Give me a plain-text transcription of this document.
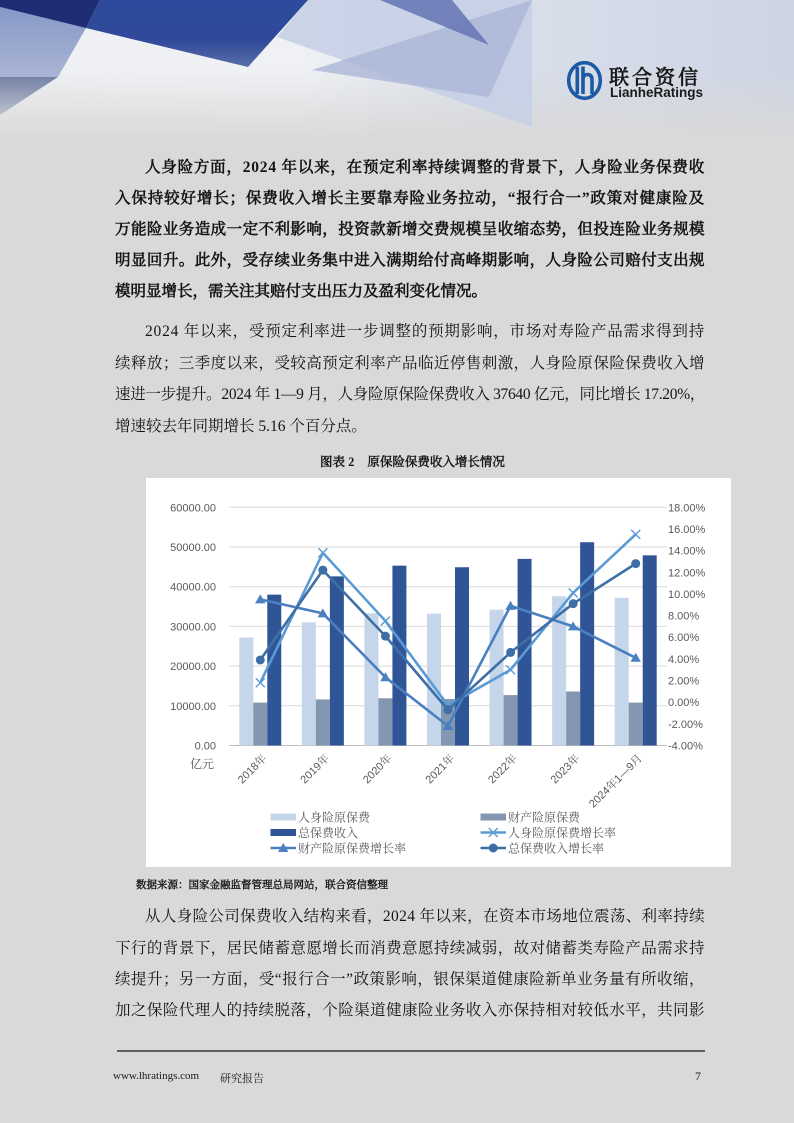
联合资信
LianheRatings
人身险方面，2024 年以来，在预定利率持续调整的背景下，人身险业务保费收
入保持较好增长；保费收入增长主要靠寿险业务拉动，“报行合一”政策对健康险及
万能险业务造成一定不利影响，投资款新增交费规模呈收缩态势，但投连险业务规模
明显回升。此外，受存续业务集中进入满期给付高峰期影响，人身险公司赔付支出规
模明显增长，需关注其赔付支出压力及盈利变化情况。
2024 年以来，受预定利率进一步调整的预期影响，市场对寿险产品需求得到持
续释放；三季度以来，受较高预定利率产品临近停售刺激，人身险原保险保费收入增
速进一步提升。2024 年 1—9 月，人身险原保险保费收入 37640 亿元，同比增长 17.20%，
增速较去年同期增长 5.16 个百分点。
图表 2 原保险保费收入增长情况
0.00
10000.00
20000.00
30000.00
40000.00
50000.00
60000.00
-4.00%
-2.00%
0.00%
2.00%
4.00%
6.00%
8.00%
10.00%
12.00%
14.00%
16.00%
18.00%
亿元 2018年	2019年	2020年	2021年	2022年	2023年 2024年1—9月
人身险原保费	财产险原保费
总保费收入	人身险原保费增长率
财产险原保费增长率	总保费收入增长率
数据来源：国家金融监督管理总局网站，联合资信整理
从人身险公司保费收入结构来看，2024 年以来，在资本市场地位震荡、利率持续
下行的背景下，居民储蓄意愿增长而消费意愿持续减弱，故对储蓄类寿险产品需求持
续提升；另一方面，受“报行合一”政策影响，银保渠道健康险新单业务量有所收缩，
加之保险代理人的持续脱落，个险渠道健康险业务收入亦保持相对较低水平，共同影
www.lhratings.com 研究报告	7
